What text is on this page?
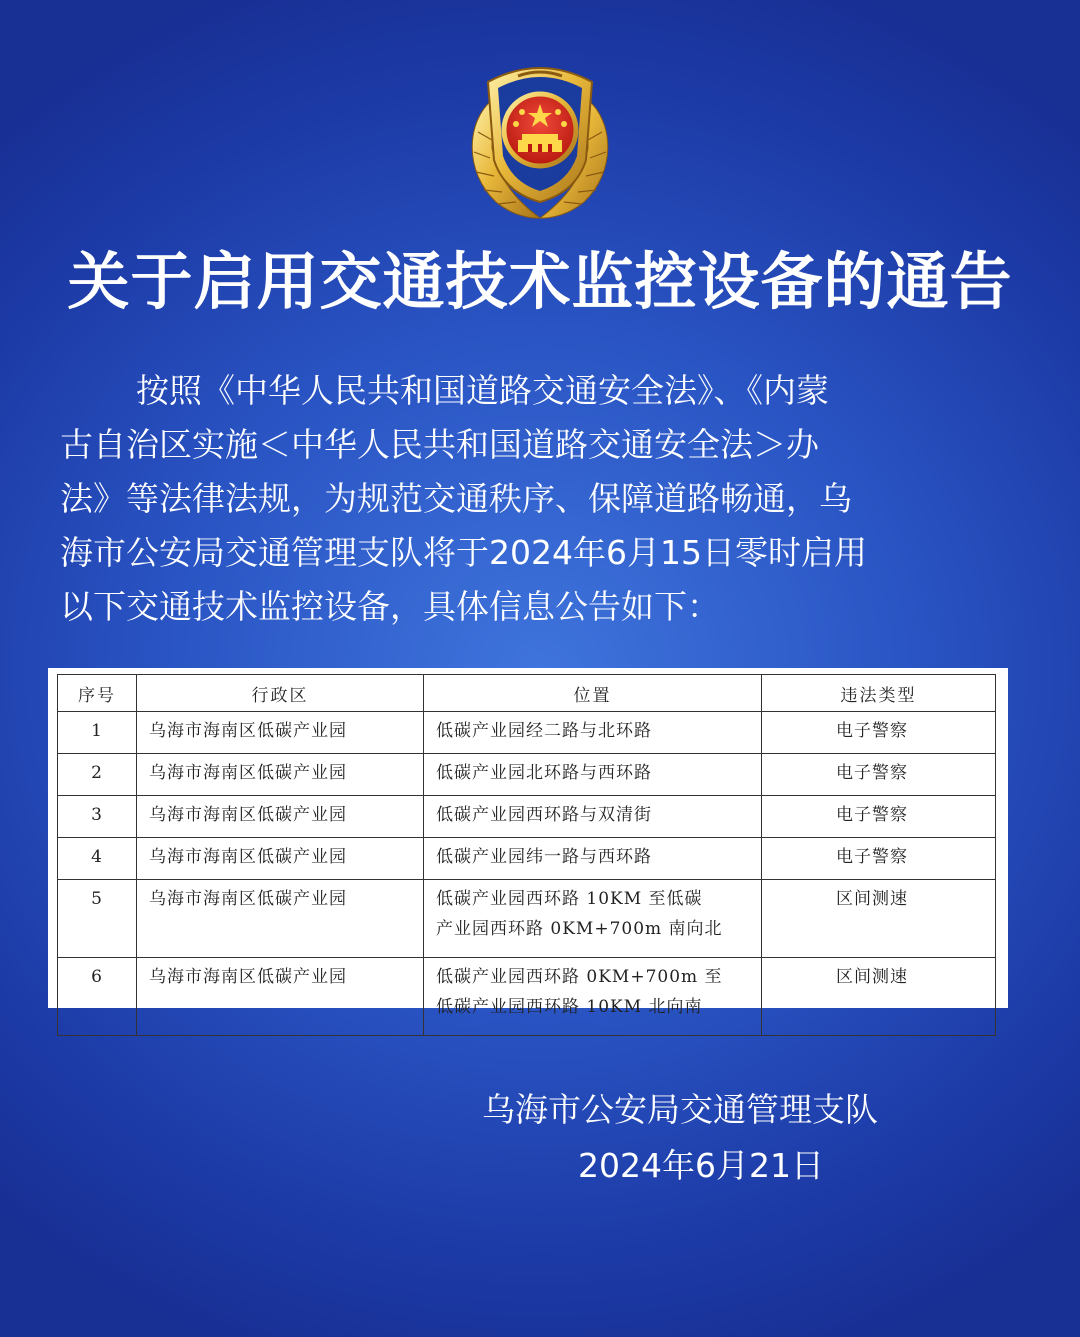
关于启用交通技术监控设备的通告

按照《中华人民共和国道路交通安全法》、《内蒙

古自治区实施＜中华人民共和国道路交通安全法＞办

法》等法律法规，为规范交通秩序、保障道路畅通，乌

海市公安局交通管理支队将于2024年6月15日零时启用

以下交通技术监控设备，具体信息公告如下：

序号	行政区	位置	违法类型
1	乌海市海南区低碳产业园	低碳产业园经二路与北环路	电子警察
2	乌海市海南区低碳产业园	低碳产业园北环路与西环路	电子警察
3	乌海市海南区低碳产业园	低碳产业园西环路与双清街	电子警察
4	乌海市海南区低碳产业园	低碳产业园纬一路与西环路	电子警察
5	乌海市海南区低碳产业园	低碳产业园西环路 10KM 至低碳
产业园西环路 0KM+700m 南向北	区间测速
6	乌海市海南区低碳产业园	低碳产业园西环路 0KM+700m 至
低碳产业园西环路 10KM 北向南	区间测速
乌海市公安局交通管理支队
2024年6月21日
